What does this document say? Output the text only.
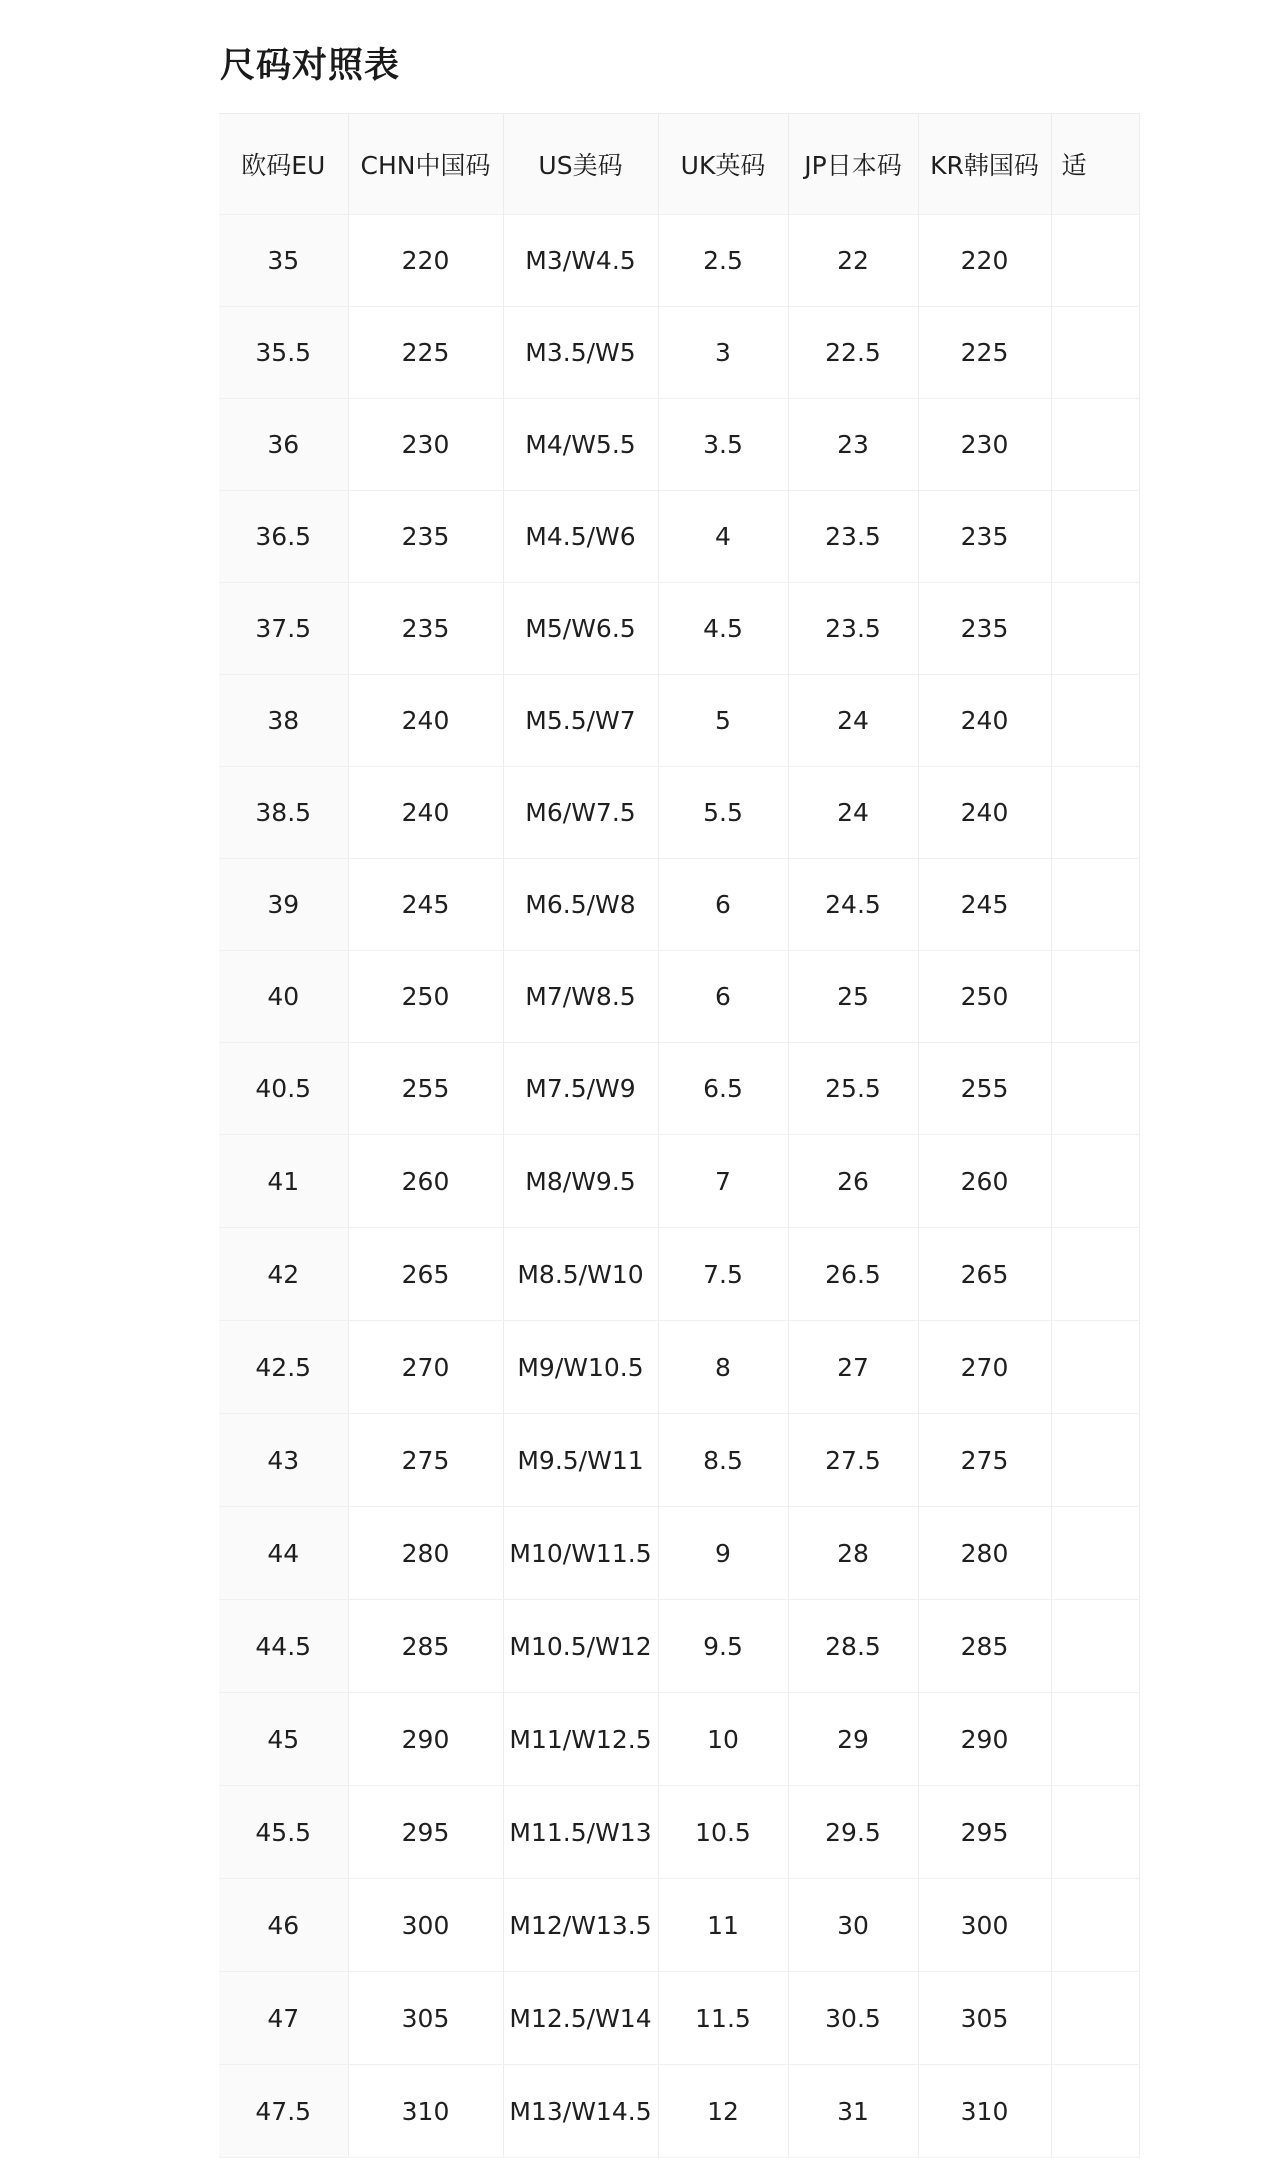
尺码对照表
欧码EU	CHN中国码	US美码	UK英码	JP日本码	KR韩国码	适
35	220	M3/W4.5	2.5	22	220	
35.5	225	M3.5/W5	3	22.5	225	
36	230	M4/W5.5	3.5	23	230	
36.5	235	M4.5/W6	4	23.5	235	
37.5	235	M5/W6.5	4.5	23.5	235	
38	240	M5.5/W7	5	24	240	
38.5	240	M6/W7.5	5.5	24	240	
39	245	M6.5/W8	6	24.5	245	
40	250	M7/W8.5	6	25	250	
40.5	255	M7.5/W9	6.5	25.5	255	
41	260	M8/W9.5	7	26	260	
42	265	M8.5/W10	7.5	26.5	265	
42.5	270	M9/W10.5	8	27	270	
43	275	M9.5/W11	8.5	27.5	275	
44	280	M10/W11.5	9	28	280	
44.5	285	M10.5/W12	9.5	28.5	285	
45	290	M11/W12.5	10	29	290	
45.5	295	M11.5/W13	10.5	29.5	295	
46	300	M12/W13.5	11	30	300	
47	305	M12.5/W14	11.5	30.5	305	
47.5	310	M13/W14.5	12	31	310	
